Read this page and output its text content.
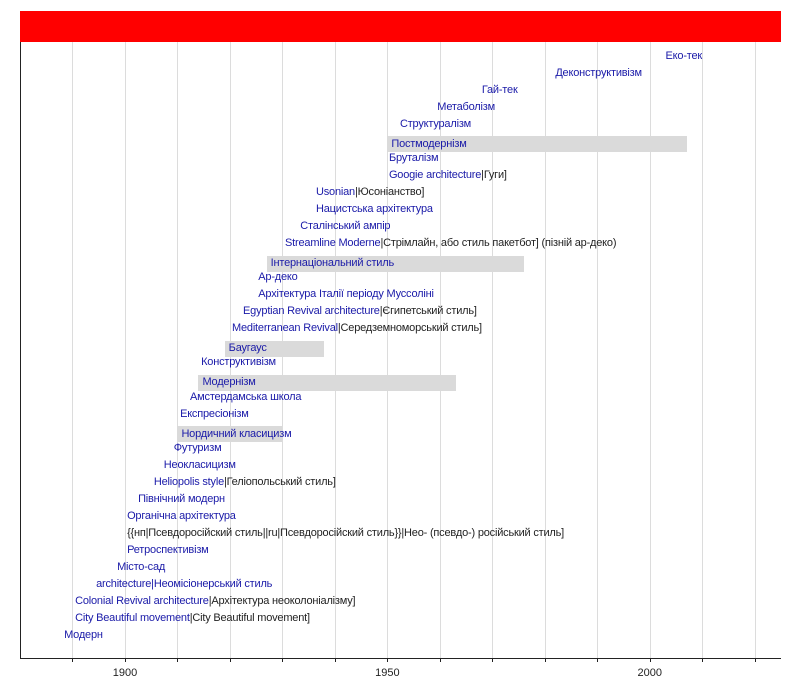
Еко-тек
Деконструктивізм
Гай-тек
Метаболізм
Структуралізм
Постмодернізм
Бруталізм
Googie architecture|Гуги]
Usonian|Юсоніанство]
Нацистська архітектура
Сталінський ампір
Streamline Moderne|Стрімлайн, або стиль пакетбот] (пізній ар-деко)
Інтернаціональний стиль
Ар-деко
Архітектура Італії періоду Муссоліні
Egyptian Revival architecture|Єгипетський стиль]
Mediterranean Revival|Середземноморський стиль]
Баугаус
Конструктивізм
Модернізм
Амстердамська школа
Експресіонізм
Нордичний класицизм
Футуризм
Неокласицизм
Heliopolis style|Геліопольський стиль]
Північний модерн
Органічна архітектура
{{нп|Псевдоросійский стиль||ru|Псевдоросійский стиль}}|Нео- (псевдо-) російський стиль]
Ретроспективізм
Місто-сад
architecture|Неомісіонерський стиль
Colonial Revival architecture|Архітектура неоколоніалізму]
City Beautiful movement|City Beautiful movement]
Модерн
1900	1950	2000
